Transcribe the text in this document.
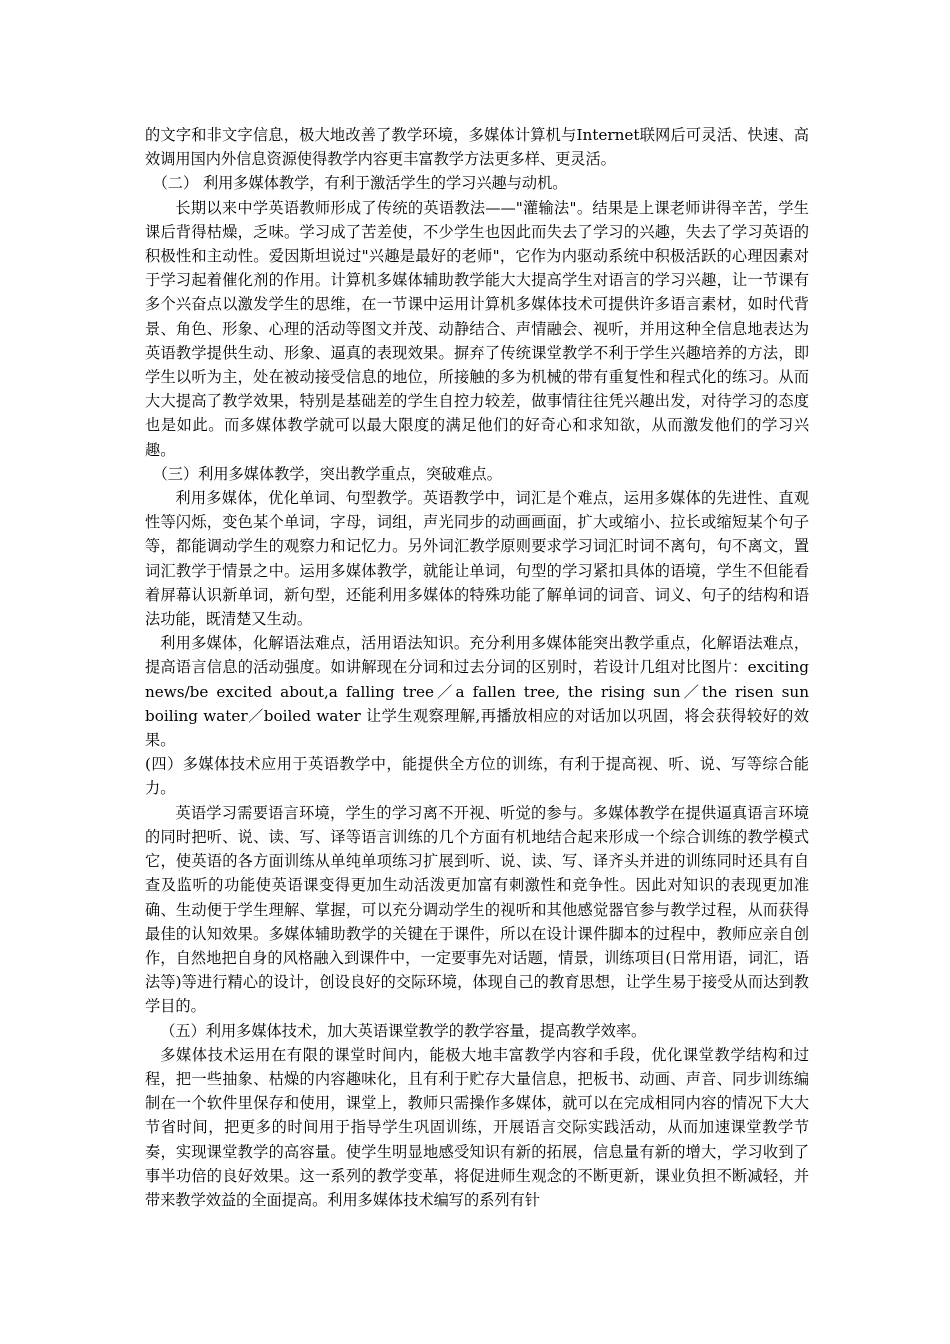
的文字和非文字信息，极大地改善了教学环境，多媒体计算机与Internet联网后可灵活、快速、高效调用国内外信息资源使得教学内容更丰富教学方法更多样、更灵活。

（二） 利用多媒体教学，有利于激活学生的学习兴趣与动机。

长期以来中学英语教师形成了传统的英语教法——"灌输法"。结果是上课老师讲得辛苦，学生课后背得枯燥，乏味。学习成了苦差使，不少学生也因此而失去了学习的兴趣，失去了学习英语的积极性和主动性。爱因斯坦说过"兴趣是最好的老师"，它作为内驱动系统中积极活跃的心理因素对于学习起着催化剂的作用。计算机多媒体辅助教学能大大提高学生对语言的学习兴趣，让一节课有多个兴奋点以激发学生的思维，在一节课中运用计算机多媒体技术可提供许多语言素材，如时代背景、角色、形象、心理的活动等图文并茂、动静结合、声情融会、视听，并用这种全信息地表达为英语教学提供生动、形象、逼真的表现效果。摒弃了传统课堂教学不利于学生兴趣培养的方法，即学生以听为主，处在被动接受信息的地位，所接触的多为机械的带有重复性和程式化的练习。从而大大提高了教学效果，特别是基础差的学生自控力较差，做事情往往凭兴趣出发，对待学习的态度也是如此。而多媒体教学就可以最大限度的满足他们的好奇心和求知欲，从而激发他们的学习兴趣。

（三）利用多媒体教学，突出教学重点，突破难点。

利用多媒体，优化单词、句型教学。英语教学中，词汇是个难点，运用多媒体的先进性、直观性等闪烁，变色某个单词，字母，词组，声光同步的动画画面，扩大或缩小、拉长或缩短某个句子等，都能调动学生的观察力和记忆力。另外词汇教学原则要求学习词汇时词不离句，句不离文，置词汇教学于情景之中。运用多媒体教学，就能让单词，句型的学习紧扣具体的语境，学生不但能看着屏幕认识新单词，新句型，还能利用多媒体的特殊功能了解单词的词音、词义、句子的结构和语法功能，既清楚又生动。

利用多媒体，化解语法难点，活用语法知识。充分利用多媒体能突出教学重点，化解语法难点，提高语言信息的活动强度。如讲解现在分词和过去分词的区别时，若设计几组对比图片：exciting news/be excited about,a falling tree／a fallen tree, the rising sun／the risen sun boiling water／boiled water 让学生观察理解,再播放相应的对话加以巩固，将会获得较好的效果。

(四）多媒体技术应用于英语教学中，能提供全方位的训练，有利于提高视、听、说、写等综合能力。

英语学习需要语言环境，学生的学习离不开视、听觉的参与。多媒体教学在提供逼真语言环境的同时把听、说、读、写、译等语言训练的几个方面有机地结合起来形成一个综合训练的教学模式它，使英语的各方面训练从单纯单项练习扩展到听、说、读、写、译齐头并进的训练同时还具有自查及监听的功能使英语课变得更加生动活泼更加富有刺激性和竞争性。因此对知识的表现更加准确、生动便于学生理解、掌握，可以充分调动学生的视听和其他感觉器官参与教学过程，从而获得最佳的认知效果。多媒体辅助教学的关键在于课件，所以在设计课件脚本的过程中，教师应亲自创作，自然地把自身的风格融入到课件中，一定要事先对话题，情景，训练项目(日常用语，词汇，语法等)等进行精心的设计，创设良好的交际环境，体现自己的教育思想，让学生易于接受从而达到教学目的。

（五）利用多媒体技术，加大英语课堂教学的教学容量，提高教学效率。

多媒体技术运用在有限的课堂时间内，能极大地丰富教学内容和手段，优化课堂教学结构和过程，把一些抽象、枯燥的内容趣味化，且有利于贮存大量信息，把板书、动画、声音、同步训练编制在一个软件里保存和使用，课堂上，教师只需操作多媒体，就可以在完成相同内容的情况下大大节省时间，把更多的时间用于指导学生巩固训练，开展语言交际实践活动，从而加速课堂教学节奏，实现课堂教学的高容量。使学生明显地感受知识有新的拓展，信息量有新的增大，学习收到了事半功倍的良好效果。这一系列的教学变革，将促进师生观念的不断更新，课业负担不断减轻，并带来教学效益的全面提高。利用多媒体技术编写的系列有针
